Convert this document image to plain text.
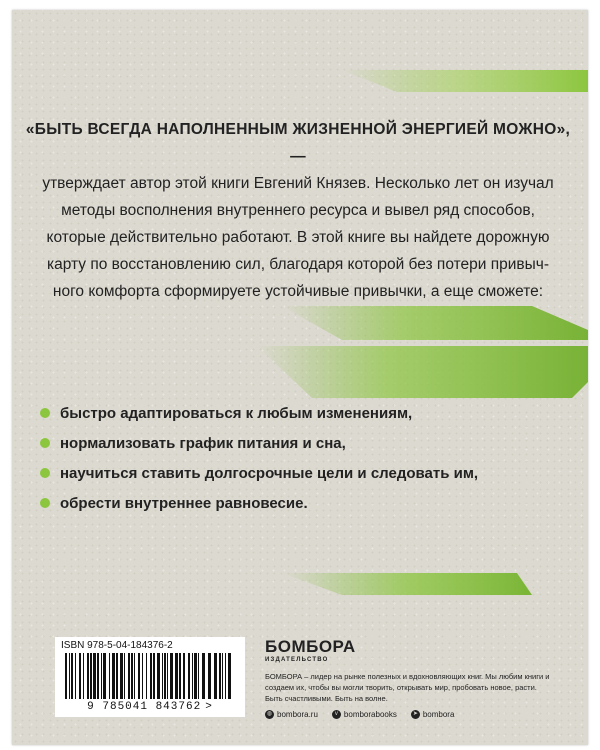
«БЫТЬ ВСЕГДА НАПОЛНЕННЫМ ЖИЗНЕННОЙ ЭНЕРГИЕЙ МОЖНО», —
утверждает автор этой книги Евгений Князев. Несколько лет он изучал
методы восполнения внутреннего ресурса и вывел ряд способов,
которые действительно работают. В этой книге вы найдете дорожную
карту по восстановлению сил, благодаря которой без потери привыч-
ного комфорта сформируете устойчивые привычки, а еще сможете:

быстро адаптироваться к любым изменениям,
нормализовать график питания и сна,
научиться ставить долгосрочные цели и следовать им,
обрести внутреннее равновесие.
ISBN 978-5-04-184376-2
9 785041 843762 >
БОМБОРА
ИЗДАТЕЛЬСТВО
БОМБОРА – лидер на рынке полезных и вдохновляющих книг. Мы любим книги и создаем их, чтобы вы могли творить, открывать мир, пробовать новое, расти. Быть счастливыми. Быть на волне.
◍ bombora.ru	v bomborabooks	➤ bombora
